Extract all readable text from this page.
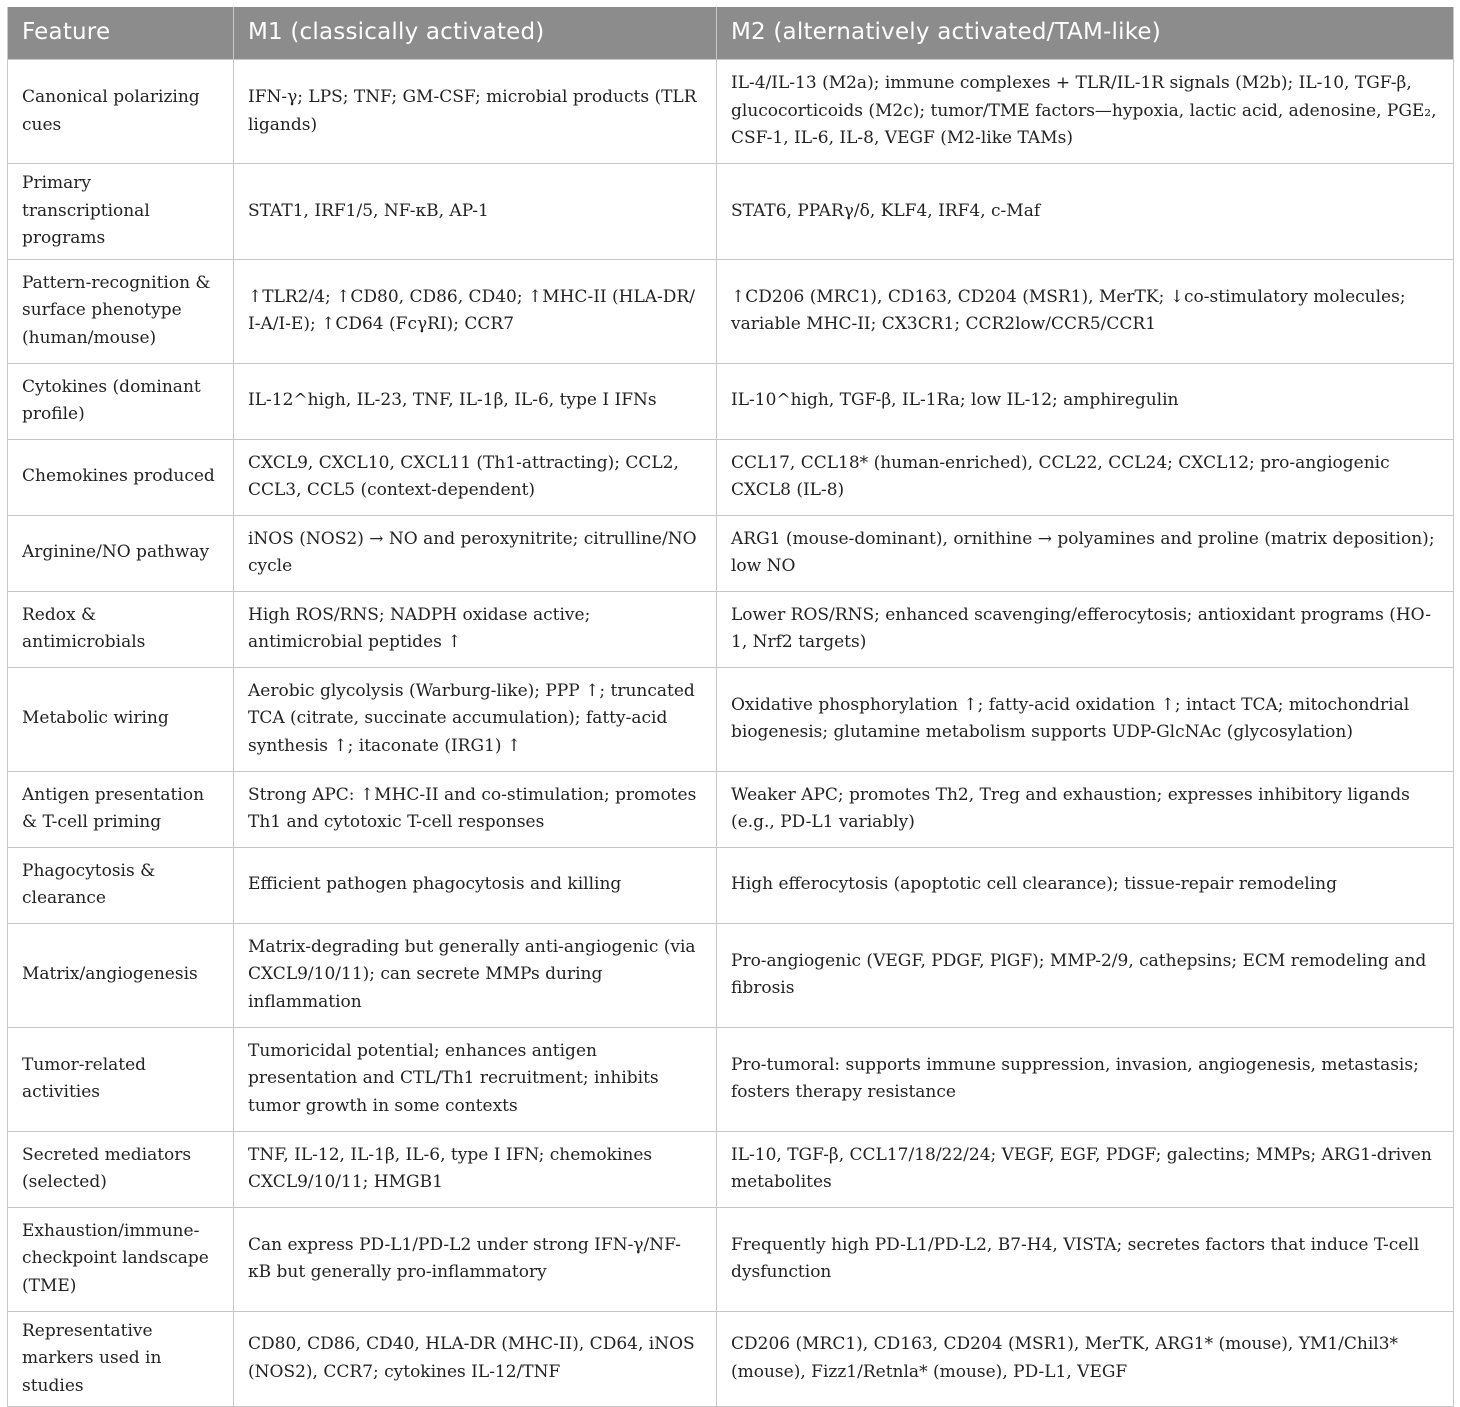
Feature	M1 (classically activated)	M2 (alternatively activated/TAM-like)
Canonical polarizing cues	IFN-γ; LPS; TNF; GM-CSF; microbial products (TLR ligands)	IL-4/IL-13 (M2a); immune complexes + TLR/IL-1R signals (M2b); IL-10, TGF-β, glucocorticoids (M2c); tumor/TME factors—hypoxia, lactic acid, adenosine, PGE₂, CSF-1, IL-6, IL-8, VEGF (M2-like TAMs)
Primary transcriptional programs	STAT1, IRF1/5, NF-κB, AP-1	STAT6, PPARγ/δ, KLF4, IRF4, c-Maf
Pattern-recognition & surface phenotype (human/mouse)	↑TLR2/4; ↑CD80, CD86, CD40; ↑MHC-II (HLA-DR/ I-A/I-E); ↑CD64 (FcγRI); CCR7	↑CD206 (MRC1), CD163, CD204 (MSR1), MerTK; ↓co-stimulatory molecules; variable MHC-II; CX3CR1; CCR2low/CCR5/CCR1
Cytokines (dominant profile)	IL-12^high, IL-23, TNF, IL-1β, IL-6, type I IFNs	IL-10^high, TGF-β, IL-1Ra; low IL-12; amphiregulin
Chemokines produced	CXCL9, CXCL10, CXCL11 (Th1-attracting); CCL2, CCL3, CCL5 (context-dependent)	CCL17, CCL18* (human-enriched), CCL22, CCL24; CXCL12; pro-angiogenic CXCL8 (IL-8)
Arginine/NO pathway	iNOS (NOS2) → NO and peroxynitrite; citrulline/NO cycle	ARG1 (mouse-dominant), ornithine → polyamines and proline (matrix deposition); low NO
Redox & antimicrobials	High ROS/RNS; NADPH oxidase active; antimicrobial peptides ↑	Lower ROS/RNS; enhanced scavenging/efferocytosis; antioxidant programs (HO-1, Nrf2 targets)
Metabolic wiring	Aerobic glycolysis (Warburg-like); PPP ↑; truncated TCA (citrate, succinate accumulation); fatty-acid synthesis ↑; itaconate (IRG1) ↑	Oxidative phosphorylation ↑; fatty-acid oxidation ↑; intact TCA; mitochondrial biogenesis; glutamine metabolism supports UDP-GlcNAc (glycosylation)
Antigen presentation & T-cell priming	Strong APC: ↑MHC-II and co-stimulation; promotes Th1 and cytotoxic T-cell responses	Weaker APC; promotes Th2, Treg and exhaustion; expresses inhibitory ligands (e.g., PD-L1 variably)
Phagocytosis & clearance	Efficient pathogen phagocytosis and killing	High efferocytosis (apoptotic cell clearance); tissue-repair remodeling
Matrix/angiogenesis	Matrix-degrading but generally anti-angiogenic (via CXCL9/10/11); can secrete MMPs during inflammation	Pro-angiogenic (VEGF, PDGF, PlGF); MMP-2/9, cathepsins; ECM remodeling and fibrosis
Tumor-related activities	Tumoricidal potential; enhances antigen presentation and CTL/Th1 recruitment; inhibits tumor growth in some contexts	Pro-tumoral: supports immune suppression, invasion, angiogenesis, metastasis; fosters therapy resistance
Secreted mediators (selected)	TNF, IL-12, IL-1β, IL-6, type I IFN; chemokines CXCL9/10/11; HMGB1	IL-10, TGF-β, CCL17/18/22/24; VEGF, EGF, PDGF; galectins; MMPs; ARG1-driven metabolites
Exhaustion/immune-checkpoint landscape (TME)	Can express PD-L1/PD-L2 under strong IFN-γ/NF-κB but generally pro-inflammatory	Frequently high PD-L1/PD-L2, B7-H4, VISTA; secretes factors that induce T-cell dysfunction
Representative markers used in studies	CD80, CD86, CD40, HLA-DR (MHC-II), CD64, iNOS (NOS2), CCR7; cytokines IL-12/TNF	CD206 (MRC1), CD163, CD204 (MSR1), MerTK, ARG1* (mouse), YM1/Chil3* (mouse), Fizz1/Retnla* (mouse), PD-L1, VEGF
